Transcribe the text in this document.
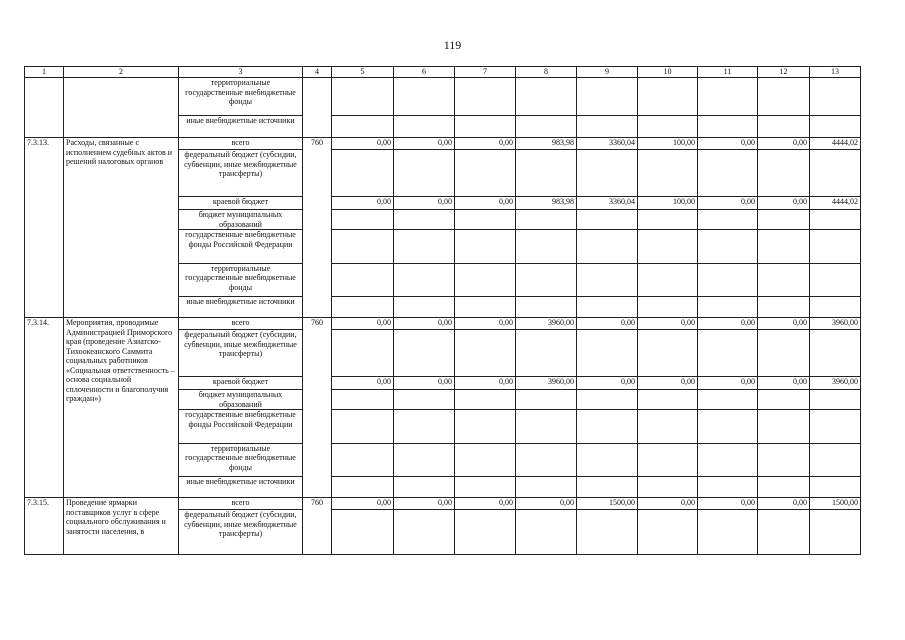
119
1	2	3	4	5	6	7	8	9	10	11	12	13
		территориальные государственные внебюджетные фонды										
		иные внебюджетные источники										
7.3.13.	Расходы, связанные с исполнением судебных актов и решений налоговых органов	всего	760	0,00	0,00	0,00	983,98	3360,04	100,00	0,00	0,00	4444,02
		федеральный бюджет (субсидии, субвенции, иные межбюджетные трансферты)										
		краевой бюджет		0,00	0,00	0,00	983,98	3360,04	100,00	0,00	0,00	4444,02
		бюджет муниципальных образований										
		государственные внебюджетные фонды Российской Федерации										
		территориальные государственные внебюджетные фонды										
		иные внебюджетные источники										
7.3.14.	Мероприятия, проводимые Администрацией Приморского края (проведение Азиатско-Тихоокеанского Саммита социальных работников «Социальная ответственность – основа социальной сплоченности и благополучия граждан»)	всего	760	0,00	0,00	0,00	3960,00	0,00	0,00	0,00	0,00	3960,00
		федеральный бюджет (субсидии, субвенции, иные межбюджетные трансферты)										
		краевой бюджет		0,00	0,00	0,00	3960,00	0,00	0,00	0,00	0,00	3960,00
		бюджет муниципальных образований										
		государственные внебюджетные фонды Российской Федерации										
		территориальные государственные внебюджетные фонды										
		иные внебюджетные источники										
7.3.15.	Проведение ярмарки поставщиков услуг в сфере социального обслуживания и занятости населения, в	всего	760	0,00	0,00	0,00	0,00	1500,00	0,00	0,00	0,00	1500,00
		федеральный бюджет (субсидии, субвенции, иные межбюджетные трансферты)										
